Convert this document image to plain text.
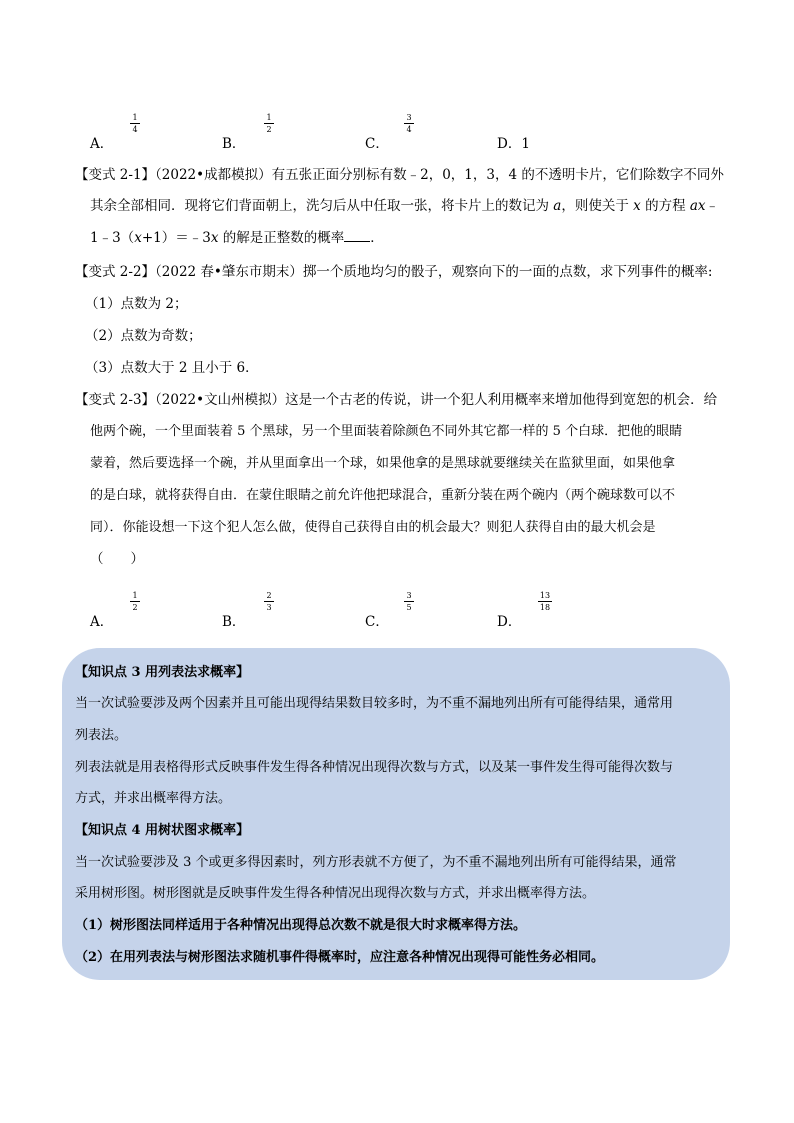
A．
1
4
B．
1
2
C．
3
4
D．1
【变式 2-1】（2022•成都模拟）有五张正面分别标有数﹣2，0，1，3，4 的不透明卡片，它们除数字不同外
其余全部相同．现将它们背面朝上，洗匀后从中任取一张，将卡片上的数记为 a，则使关于 x 的方程 ax﹣
1﹣3（x+1）＝﹣3x 的解是正整数的概率 ．
【变式 2-2】（2022 春•肇东市期末）掷一个质地均匀的骰子，观察向下的一面的点数，求下列事件的概率:
（1）点数为 2；
（2）点数为奇数；
（3）点数大于 2 且小于 6．
【变式 2-3】（2022•文山州模拟）这是一个古老的传说，讲一个犯人利用概率来增加他得到宽恕的机会．给
他两个碗，一个里面装着 5 个黑球，另一个里面装着除颜色不同外其它都一样的 5 个白球．把他的眼睛
蒙着，然后要选择一个碗，并从里面拿出一个球，如果他拿的是黑球就要继续关在监狱里面，如果他拿
的是白球，就将获得自由．在蒙住眼睛之前允许他把球混合，重新分装在两个碗内（两个碗球数可以不
同）．你能设想一下这个犯人怎么做，使得自己获得自由的机会最大？则犯人获得自由的最大机会是
（　　）
A．
1
2
B．
2
3
C．
3
5
D．
13
18
【知识点 3 用列表法求概率】
当一次试验要涉及两个因素并且可能出现得结果数目较多时，为不重不漏地列出所有可能得结果，通常用
列表法。
列表法就是用表格得形式反映事件发生得各种情况出现得次数与方式，以及某一事件发生得可能得次数与
方式，并求出概率得方法。
【知识点 4 用树状图求概率】
当一次试验要涉及 3 个或更多得因素时，列方形表就不方便了，为不重不漏地列出所有可能得结果，通常
采用树形图。树形图就是反映事件发生得各种情况出现得次数与方式，并求出概率得方法。
（1）树形图法同样适用于各种情况出现得总次数不就是很大时求概率得方法。
（2）在用列表法与树形图法求随机事件得概率时，应注意各种情况出现得可能性务必相同。
